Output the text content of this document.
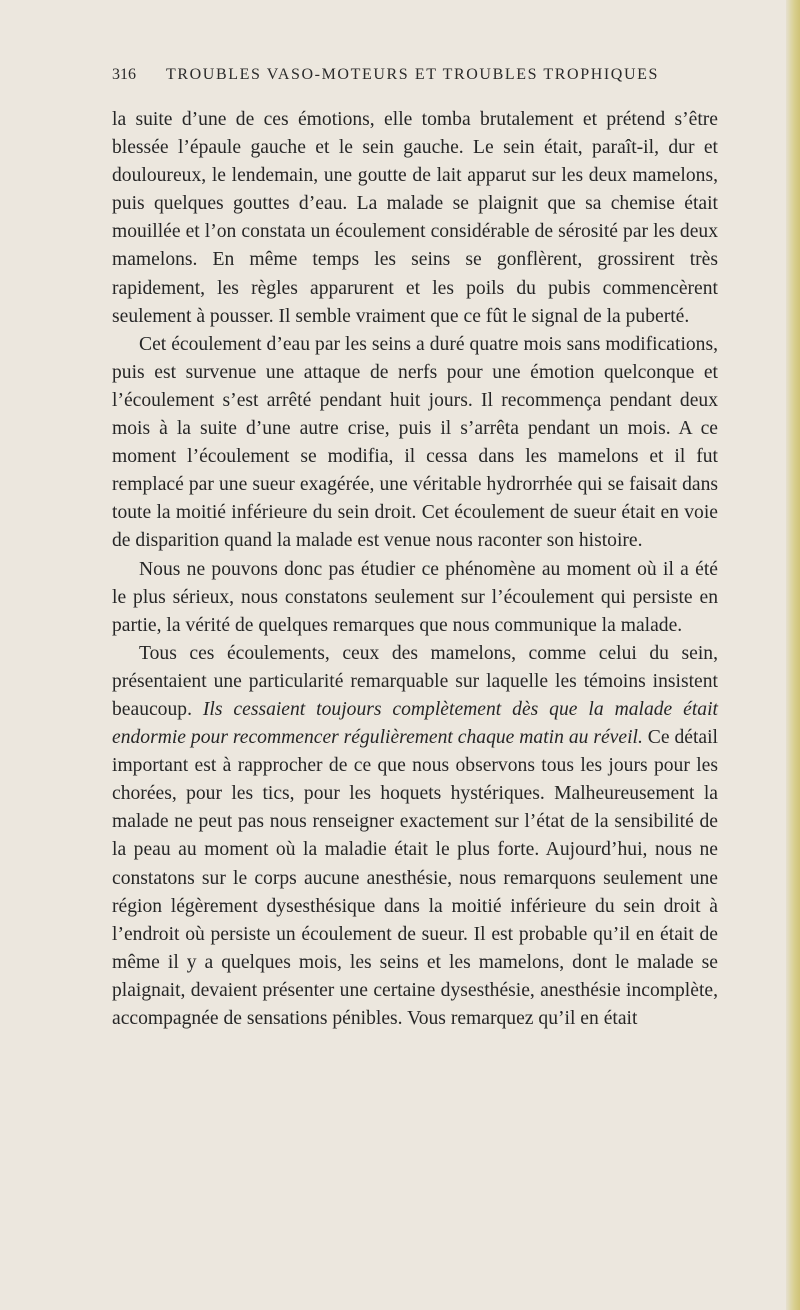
316 TROUBLES VASO-MOTEURS ET TROUBLES TROPHIQUES

la suite d’une de ces émotions, elle tomba brutalement et prétend s’être blessée l’épaule gauche et le sein gauche. Le sein était, paraît-il, dur et douloureux, le lendemain, une goutte de lait apparut sur les deux mamelons, puis quelques gouttes d’eau. La malade se plaignit que sa chemise était mouillée et l’on constata un écoulement considérable de sérosité par les deux mamelons. En même temps les seins se gonflèrent, grossirent très rapidement, les règles apparurent et les poils du pubis commencèrent seulement à pousser. Il semble vraiment que ce fût le signal de la puberté.

Cet écoulement d’eau par les seins a duré quatre mois sans modifications, puis est survenue une attaque de nerfs pour une émotion quelconque et l’écoulement s’est arrêté pendant huit jours. Il recommença pendant deux mois à la suite d’une autre crise, puis il s’arrêta pendant un mois. A ce moment l’écoulement se modifia, il cessa dans les mamelons et il fut remplacé par une sueur exagérée, une véritable hydrorrhée qui se faisait dans toute la moitié inférieure du sein droit. Cet écoulement de sueur était en voie de disparition quand la malade est venue nous raconter son histoire.

Nous ne pouvons donc pas étudier ce phénomène au moment où il a été le plus sérieux, nous constatons seulement sur l’écoulement qui persiste en partie, la vérité de quelques remarques que nous communique la malade.

Tous ces écoulements, ceux des mamelons, comme celui du sein, présentaient une particularité remarquable sur laquelle les témoins insistent beaucoup. Ils cessaient toujours complètement dès que la malade était endormie pour recommencer régulièrement chaque matin au réveil. Ce détail important est à rapprocher de ce que nous observons tous les jours pour les chorées, pour les tics, pour les hoquets hystériques. Malheureusement la malade ne peut pas nous renseigner exactement sur l’état de la sensibilité de la peau au moment où la maladie était le plus forte. Aujourd’hui, nous ne constatons sur le corps aucune anesthésie, nous remarquons seulement une région légèrement dysesthésique dans la moitié inférieure du sein droit à l’endroit où persiste un écoulement de sueur. Il est probable qu’il en était de même il y a quelques mois, les seins et les mamelons, dont le malade se plaignait, devaient présenter une certaine dysesthésie, anesthésie incomplète, accompagnée de sensations pénibles. Vous remarquez qu’il en était
